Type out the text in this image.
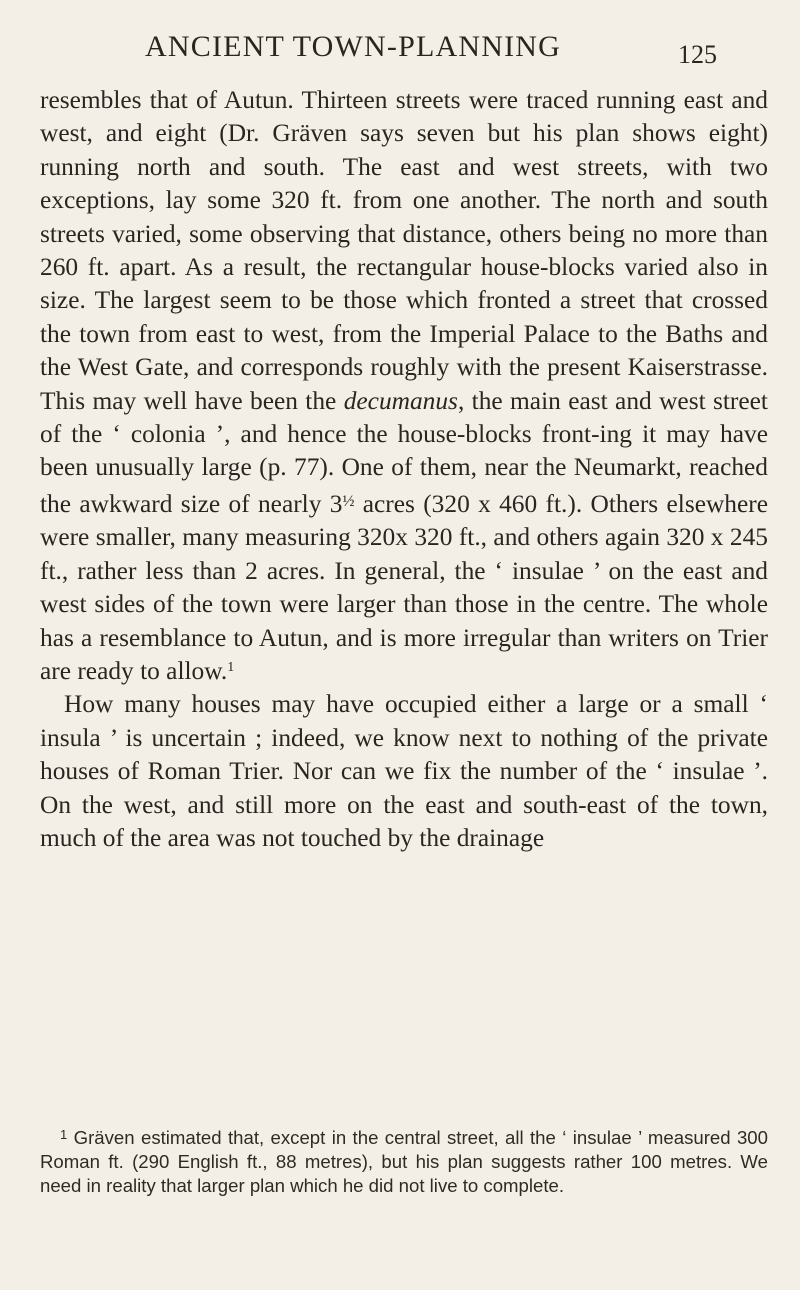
ANCIENT TOWN-PLANNING	125

resembles that of Autun. Thirteen streets were traced running east and west, and eight (Dr. Gräven says seven but his plan shows eight) running north and south. The east and west streets, with two exceptions, lay some 320 ft. from one another. The north and south streets varied, some observing that distance, others being no more than 260 ft. apart. As a result, the rectangular house-blocks varied also in size. The largest seem to be those which fronted a street that crossed the town from east to west, from the Imperial Palace to the Baths and the West Gate, and corresponds roughly with the present Kaiserstrasse. This may well have been the decumanus, the main east and west street of the ‘ colonia ’, and hence the house-blocks front-ing it may have been unusually large (p. 77). One of them, near the Neumarkt, reached the awkward size of nearly $3^{\frac{1}{2}}$ acres (320 x 460 ft.). Others elsewhere were smaller, many measuring 320x 320 ft., and others again 320 x 245 ft., rather less than 2 acres. In general, the ‘ insulae ’ on the east and west sides of the town were larger than those in the centre. The whole has a resemblance to Autun, and is more irregular than writers on Trier are ready to allow.$^1$

How many houses may have occupied either a large or a small ‘ insula ’ is uncertain ; indeed, we know next to nothing of the private houses of Roman Trier. Nor can we fix the number of the ‘ insulae ’. On the west, and still more on the east and south-east of the town, much of the area was not touched by the drainage

$^1$ Gräven estimated that, except in the central street, all the ‘ insulae ’ measured 300 Roman ft. (290 English ft., 88 metres), but his plan suggests rather 100 metres. We need in reality that larger plan which he did not live to complete.
